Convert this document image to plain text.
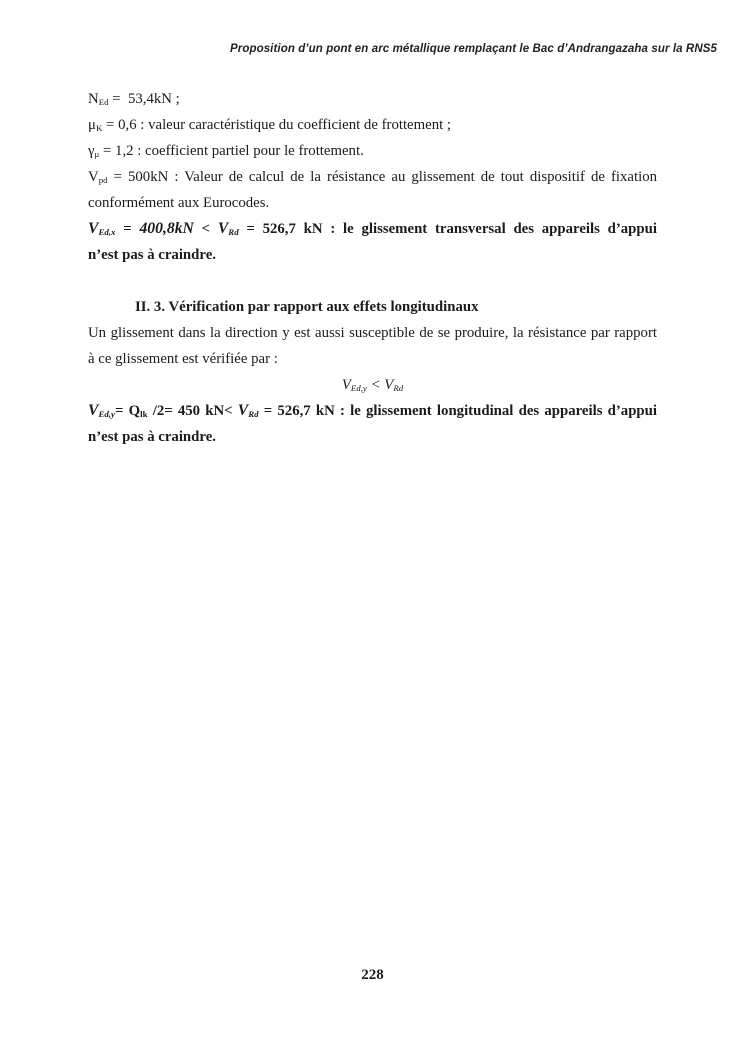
Proposition d’un pont en arc métallique remplaçant le Bac d’Andrangazaha sur la RNS5
$N_{Ed} = 53,4kN$ ;
$\mu_K = 0,6$ : valeur caractéristique du coefficient de frottement ;
$\gamma_\mu = 1,2$ : coefficient partiel pour le frottement.
$V_{pd} = 500kN$ : Valeur de calcul de la résistance au glissement de tout dispositif de fixation
conformément aux Eurocodes.
$V_{Ed,x} = 400,8kN < V_{Rd} = 526,7$ kN : le glissement transversal des appareils d’appui
n’est pas à craindre.
II. 3. Vérification par rapport aux effets longitudinaux
Un glissement dans la direction y est aussi susceptible de se produire, la résistance par rapport
à ce glissement est vérifiée par :
$V_{Ed,y} < V_{Rd}$
$V_{Ed,y}= Q_{lk}$ /2= 450 $kN< V_{Rd} = 526,7$ kN : le glissement longitudinal des appareils d’appui
n’est pas à craindre.
228
